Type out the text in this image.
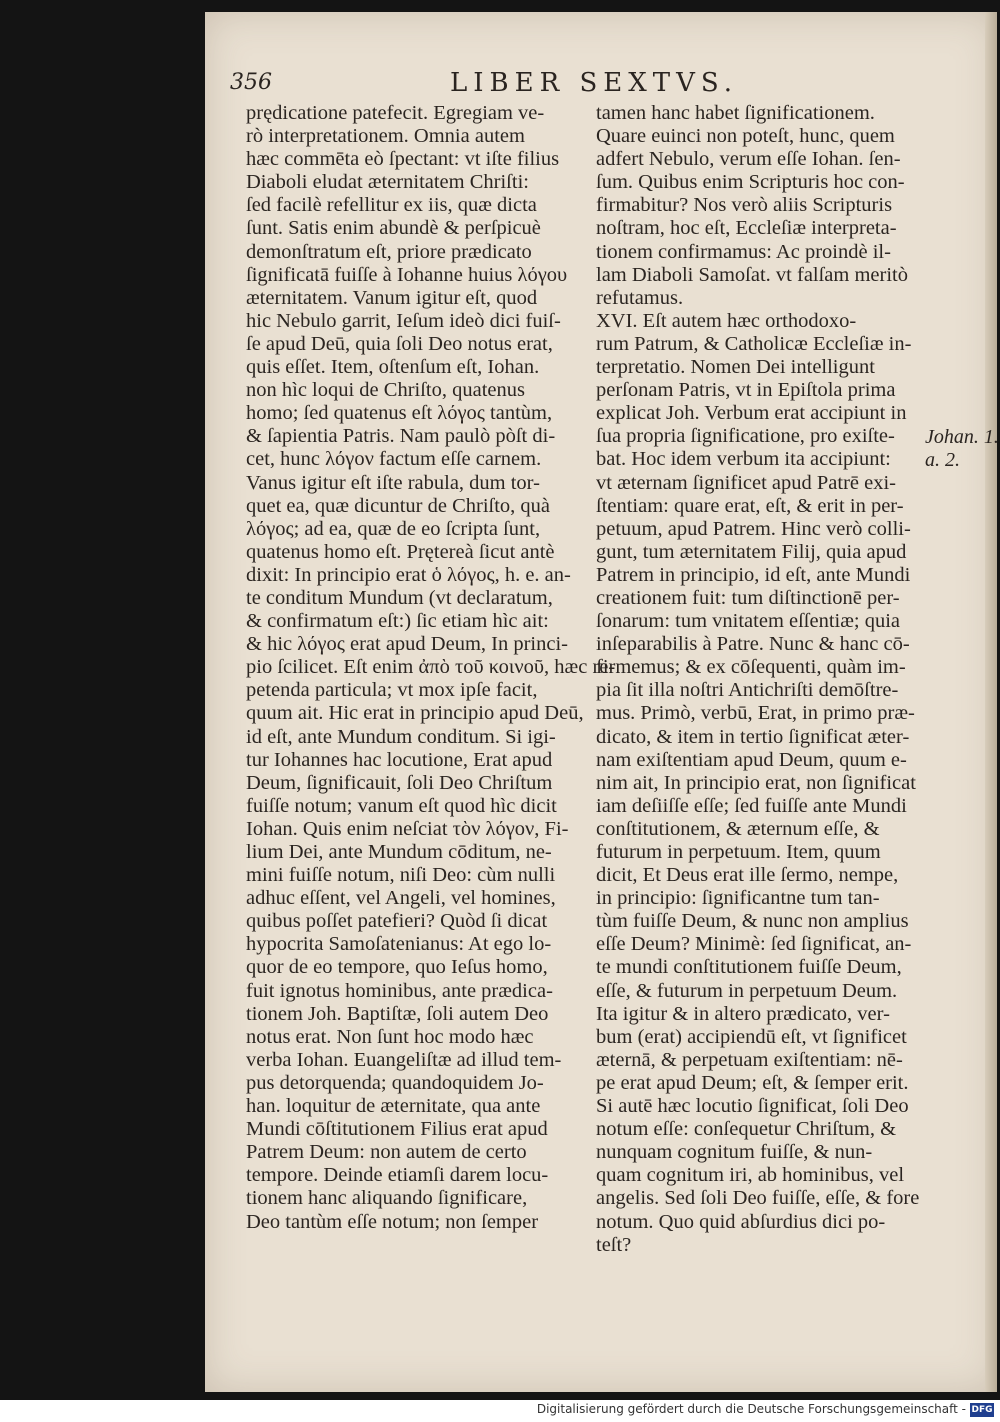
356	LIBER SEXTVS.
prędicatione patefecit. Egregiam ve-
rò interpretationem. Omnia autem
hæc commēta eò ſpectant: vt iſte filius
Diaboli eludat æternitatem Chriſti:
ſed facilè refellitur ex iis, quæ dicta
ſunt. Satis enim abundè & perſpicuè
demonſtratum eſt, priore prædicato
ſignificatā fuiſſe à Iohanne huius λόγου
æternitatem. Vanum igitur eſt, quod
hic Nebulo garrit, Ieſum ideò dici fuiſ-
ſe apud Deū, quia ſoli Deo notus erat,
quis eſſet. Item, oſtenſum eſt, Iohan.
non hìc loqui de Chriſto, quatenus
homo; ſed quatenus eſt λόγος tantùm,
& ſapientia Patris. Nam paulò pòſt di-
cet, hunc λόγον factum eſſe carnem.
Vanus igitur eſt iſte rabula, dum tor-
quet ea, quæ dicuntur de Chriſto, quà
λόγος; ad ea, quæ de eo ſcripta ſunt,
quatenus homo eſt. Prętereà ſicut antè
dixit: In principio erat ὁ λόγος, h. e. an-
te conditum Mundum (vt declaratum,
& confirmatum eſt:) ſic etiam hìc ait:
& hic λόγος erat apud Deum, In princi-
pio ſcilicet. Eſt enim ἀπὸ τοῦ κοινοῦ, hæc re-
petenda particula; vt mox ipſe facit,
quum ait. Hic erat in principio apud Deū,
id eſt, ante Mundum conditum. Si igi-
tur Iohannes hac locutione, Erat apud
Deum, ſignificauit, ſoli Deo Chriſtum
fuiſſe notum; vanum eſt quod hìc dicit
Iohan. Quis enim neſciat τὸν λόγον, Fi-
lium Dei, ante Mundum cōditum, ne-
mini fuiſſe notum, niſi Deo: cùm nulli
adhuc eſſent, vel Angeli, vel homines,
quibus poſſet patefieri? Quòd ſi dicat
hypocrita Samoſatenianus: At ego lo-
quor de eo tempore, quo Ieſus homo,
fuit ignotus hominibus, ante prædica-
tionem Joh. Baptiſtæ, ſoli autem Deo
notus erat. Non ſunt hoc modo hæc
verba Iohan. Euangeliſtæ ad illud tem-
pus detorquenda; quandoquidem Jo-
han. loquitur de æternitate, qua ante
Mundi cōſtitutionem Filius erat apud
Patrem Deum: non autem de certo
tempore. Deinde etiamſi darem locu-
tionem hanc aliquando ſignificare,
Deo tantùm eſſe notum; non ſemper
tamen hanc habet ſignificationem.
Quare euinci non poteſt, hunc, quem
adfert Nebulo, verum eſſe Iohan. ſen-
ſum. Quibus enim Scripturis hoc con-
firmabitur? Nos verò aliis Scripturis
noſtram, hoc eſt, Eccleſiæ interpreta-
tionem confirmamus: Ac proindè il-
lam Diaboli Samoſat. vt falſam meritò
refutamus.
XVI. Eſt autem hæc orthodoxo-
rum Patrum, & Catholicæ Eccleſiæ in-
terpretatio. Nomen Dei intelligunt
perſonam Patris, vt in Epiſtola prima
explicat Joh. Verbum erat accipiunt in
ſua propria ſignificatione, pro exiſte-
bat. Hoc idem verbum ita accipiunt:
vt æternam ſignificet apud Patrē exi-
ſtentiam: quare erat, eſt, & erit in per-
petuum, apud Patrem. Hinc verò colli-
gunt, tum æternitatem Filij, quia apud
Patrem in principio, id eſt, ante Mundi
creationem fuit: tum diſtinctionē per-
ſonarum: tum vnitatem eſſentiæ; quia
inſeparabilis à Patre. Nunc & hanc cō-
firmemus; & ex cōſequenti, quàm im-
pia ſit illa noſtri Antichriſti demōſtre-
mus. Primò, verbū, Erat, in primo præ-
dicato, & item in tertio ſignificat æter-
nam exiſtentiam apud Deum, quum e-
nim ait, In principio erat, non ſignificat
iam deſiiſſe eſſe; ſed fuiſſe ante Mundi
conſtitutionem, & æternum eſſe, &
futurum in perpetuum. Item, quum
dicit, Et Deus erat ille ſermo, nempe,
in principio: ſignificantne tum tan-
tùm fuiſſe Deum, & nunc non amplius
eſſe Deum? Minimè: ſed ſignificat, an-
te mundi conſtitutionem fuiſſe Deum,
eſſe, & futurum in perpetuum Deum.
Ita igitur & in altero prædicato, ver-
bum (erat) accipiendū eſt, vt ſignificet
æternā, & perpetuam exiſtentiam: nē-
pe erat apud Deum; eſt, & ſemper erit.
Si autē hæc locutio ſignificat, ſoli Deo
notum eſſe: conſequetur Chriſtum, &
nunquam cognitum fuiſſe, & nun-
quam cognitum iri, ab hominibus, vel
angelis. Sed ſoli Deo fuiſſe, eſſe, & fore
notum. Quo quid abſurdius dici po-
teſt?
Johan. 1.
a. 2.
Digitalisierung gefördert durch die Deutsche Forschungsgemeinschaft - DFG
